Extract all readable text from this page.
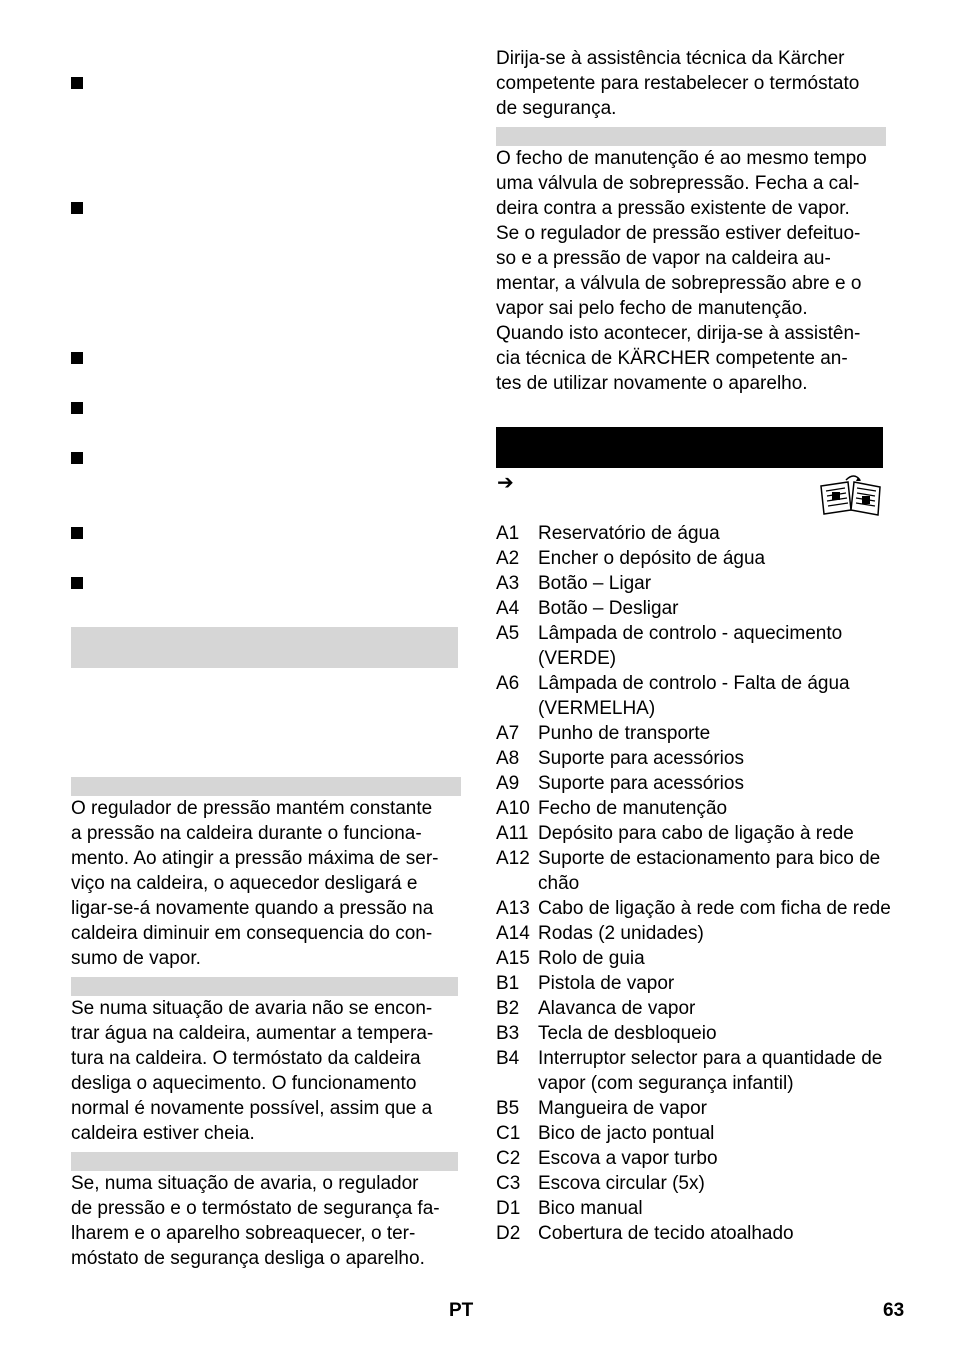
O regulador de pressão mantém constante
a pressão na caldeira durante o funciona-
mento. Ao atingir a pressão máxima de ser-
viço na caldeira, o aquecedor desligará e
ligar-se-á novamente quando a pressão na
caldeira diminuir em consequencia do con-
sumo de vapor.

Se numa situação de avaria não se encon-
trar água na caldeira, aumentar a tempera-
tura na caldeira. O termóstato da caldeira
desliga o aquecimento. O funcionamento
normal é novamente possível, assim que a
caldeira estiver cheia.

Se, numa situação de avaria, o regulador
de pressão e o termóstato de segurança fa-
lharem e o aparelho sobreaquecer, o ter-
móstato de segurança desliga o aparelho.

Dirija-se à assistência técnica da Kärcher
competente para restabelecer o termóstato
de segurança.

O fecho de manutenção é ao mesmo tempo
uma válvula de sobrepressão. Fecha a cal-
deira contra a pressão existente de vapor.
Se o regulador de pressão estiver defeituo-
so e a pressão de vapor na caldeira au-
mentar, a válvula de sobrepressão abre e o
vapor sai pelo fecho de manutenção.
Quando isto acontecer, dirija-se à assistên-
cia técnica de KÄRCHER competente an-
tes de utilizar novamente o aparelho.

➔
A1 Reservatório de água
A2 Encher o depósito de água
A3 Botão – Ligar
A4 Botão – Desligar
A5 Lâmpada de controlo - aquecimento (VERDE)
A6 Lâmpada de controlo - Falta de água (VERMELHA)
A7 Punho de transporte
A8 Suporte para acessórios
A9 Suporte para acessórios
A10 Fecho de manutenção
A11 Depósito para cabo de ligação à rede
A12 Suporte de estacionamento para bico de chão
A13 Cabo de ligação à rede com ficha de rede
A14 Rodas (2 unidades)
A15 Rolo de guia
B1 Pistola de vapor
B2 Alavanca de vapor
B3 Tecla de desbloqueio
B4 Interruptor selector para a quantidade de vapor (com segurança infantil)
B5 Mangueira de vapor
C1 Bico de jacto pontual
C2 Escova a vapor turbo
C3 Escova circular (5x)
D1 Bico manual
D2 Cobertura de tecido atoalhado
PT	63
